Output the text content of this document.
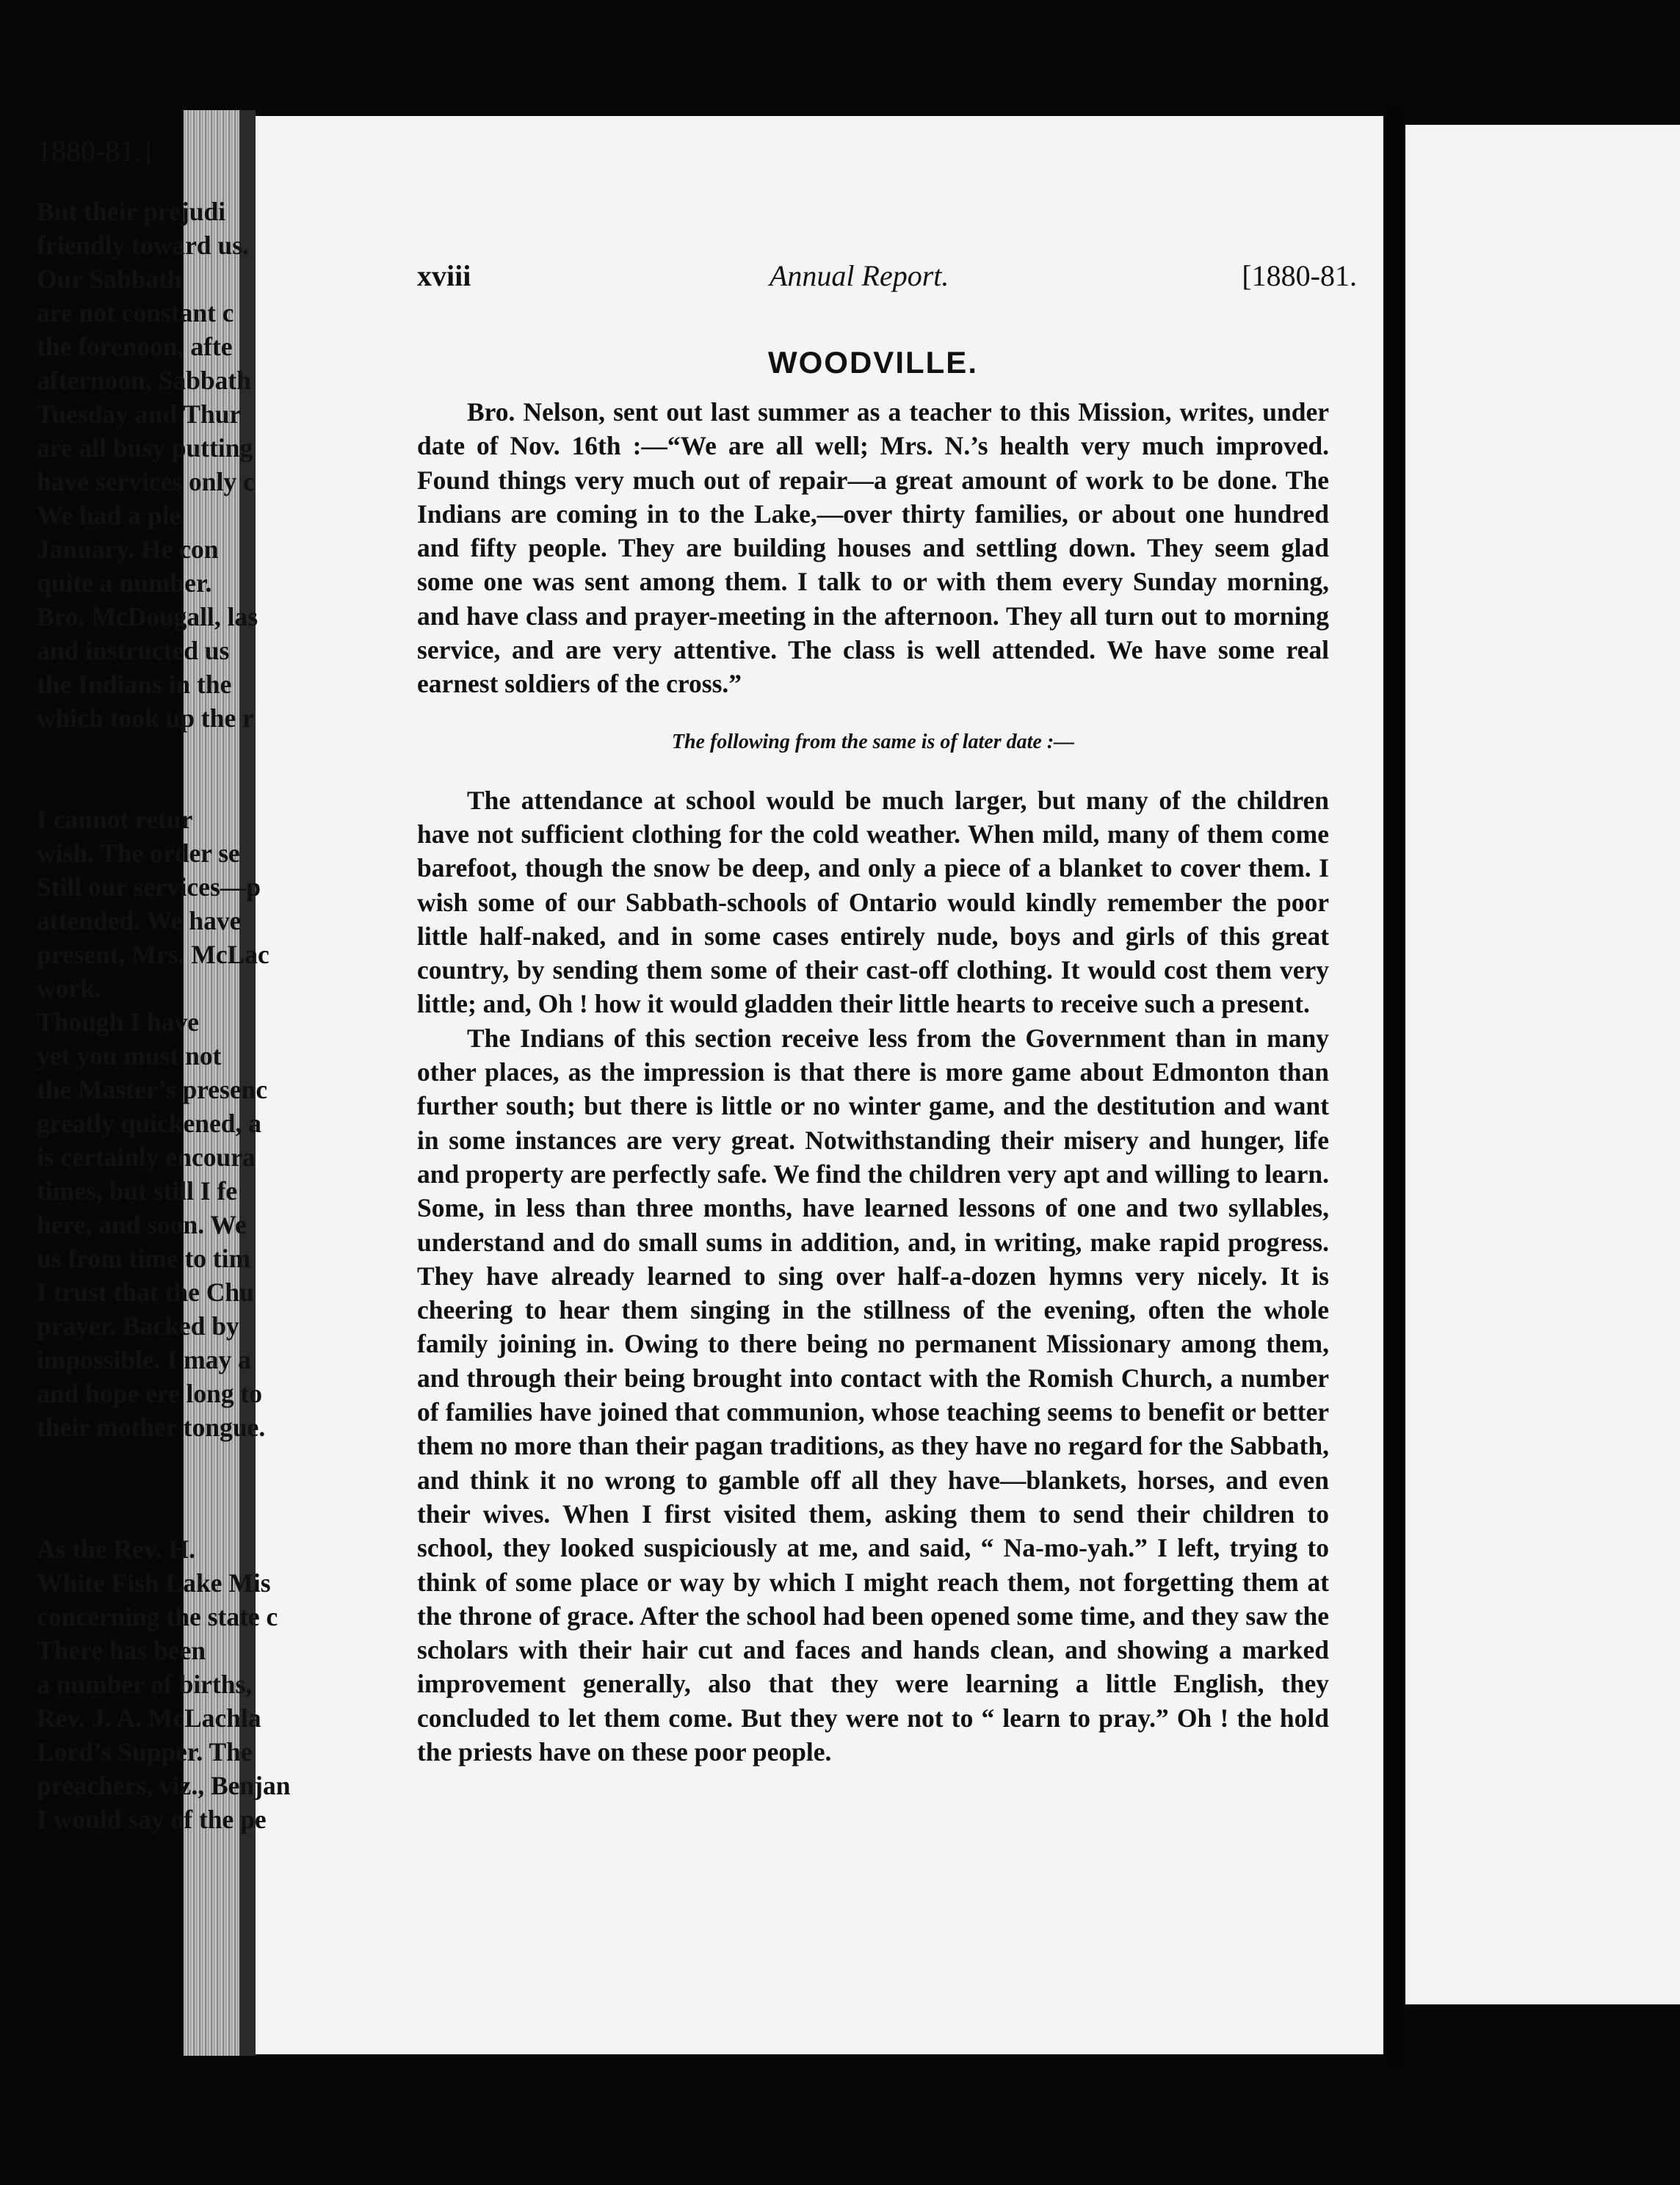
xviii	Annual Report.	[1880-81.
WOODVILLE.

Bro. Nelson, sent out last summer as a teacher to this Mission, writes, under date of Nov. 16th :—“We are all well; Mrs. N.’s health very much improved. Found things very much out of repair—a great amount of work to be done. The Indians are coming in to the Lake,—over thirty families, or about one hundred and fifty people. They are building houses and settling down. They seem glad some one was sent among them. I talk to or with them every Sunday morning, and have class and prayer-meeting in the afternoon. They all turn out to morning service, and are very attentive. The class is well attended. We have some real earnest soldiers of the cross.”

The following from the same is of later date :—

The attendance at school would be much larger, but many of the children have not sufficient clothing for the cold weather. When mild, many of them come barefoot, though the snow be deep, and only a piece of a blanket to cover them. I wish some of our Sabbath-schools of Ontario would kindly remember the poor little half-naked, and in some cases entirely nude, boys and girls of this great country, by sending them some of their cast-off clothing. It would cost them very little; and, Oh ! how it would gladden their little hearts to receive such a present.

The Indians of this section receive less from the Government than in many other places, as the impression is that there is more game about Edmonton than further south; but there is little or no winter game, and the destitution and want in some instances are very great. Notwithstanding their misery and hunger, life and property are perfectly safe. We find the children very apt and willing to learn. Some, in less than three months, have learned lessons of one and two syllables, understand and do small sums in addition, and, in writing, make rapid progress. They have already learned to sing over half-a-dozen hymns very nicely. It is cheering to hear them singing in the stillness of the evening, often the whole family joining in. Owing to there being no permanent Missionary among them, and through their being brought into contact with the Romish Church, a number of families have joined that communion, whose teaching seems to benefit or better them no more than their pagan traditions, as they have no regard for the Sabbath, and think it no wrong to gamble off all they have—blankets, horses, and even their wives. When I first visited them, asking them to send their children to school, they looked suspiciously at me, and said, “ Na-mo-yah.” I left, trying to think of some place or way by which I might reach them, not forgetting them at the throne of grace. After the school had been opened some time, and they saw the scholars with their hair cut and faces and hands clean, and showing a marked improvement generally, also that they were learning a little English, they concluded to let them come. But they were not to “ learn to pray.” Oh ! the hold the priests have on these poor people.

1880-81.]
But their prejudi
friendly toward us.
Our Sabbath
are not constant c
the forenoon, afte
afternoon, Sabbath
Tuesday and Thur
are all busy putting
have services only c
We had a ple
January. He con
quite a number.
Bro. McDougall, las
and instructed us
the Indians in the
which took up the r
I cannot retur
wish. The order se
Still our services—p
attended. We have
present, Mrs. McLac
work.
Though I have
yet you must not
the Master’s presenc
greatly quickened, a
is certainly encoura
times, but still I fe
here, and soon. We
us from time to tim
I trust that the Chu
prayer. Backed by
impossible. I may a
and hope ere long to
their mother tongue.
As the Rev. H.
White Fish Lake Mis
concerning the state c
There has been
a number of births,
Rev. J. A. McLachla
Lord’s Supper. The
preachers, viz., Benjan
I would say of the pe
